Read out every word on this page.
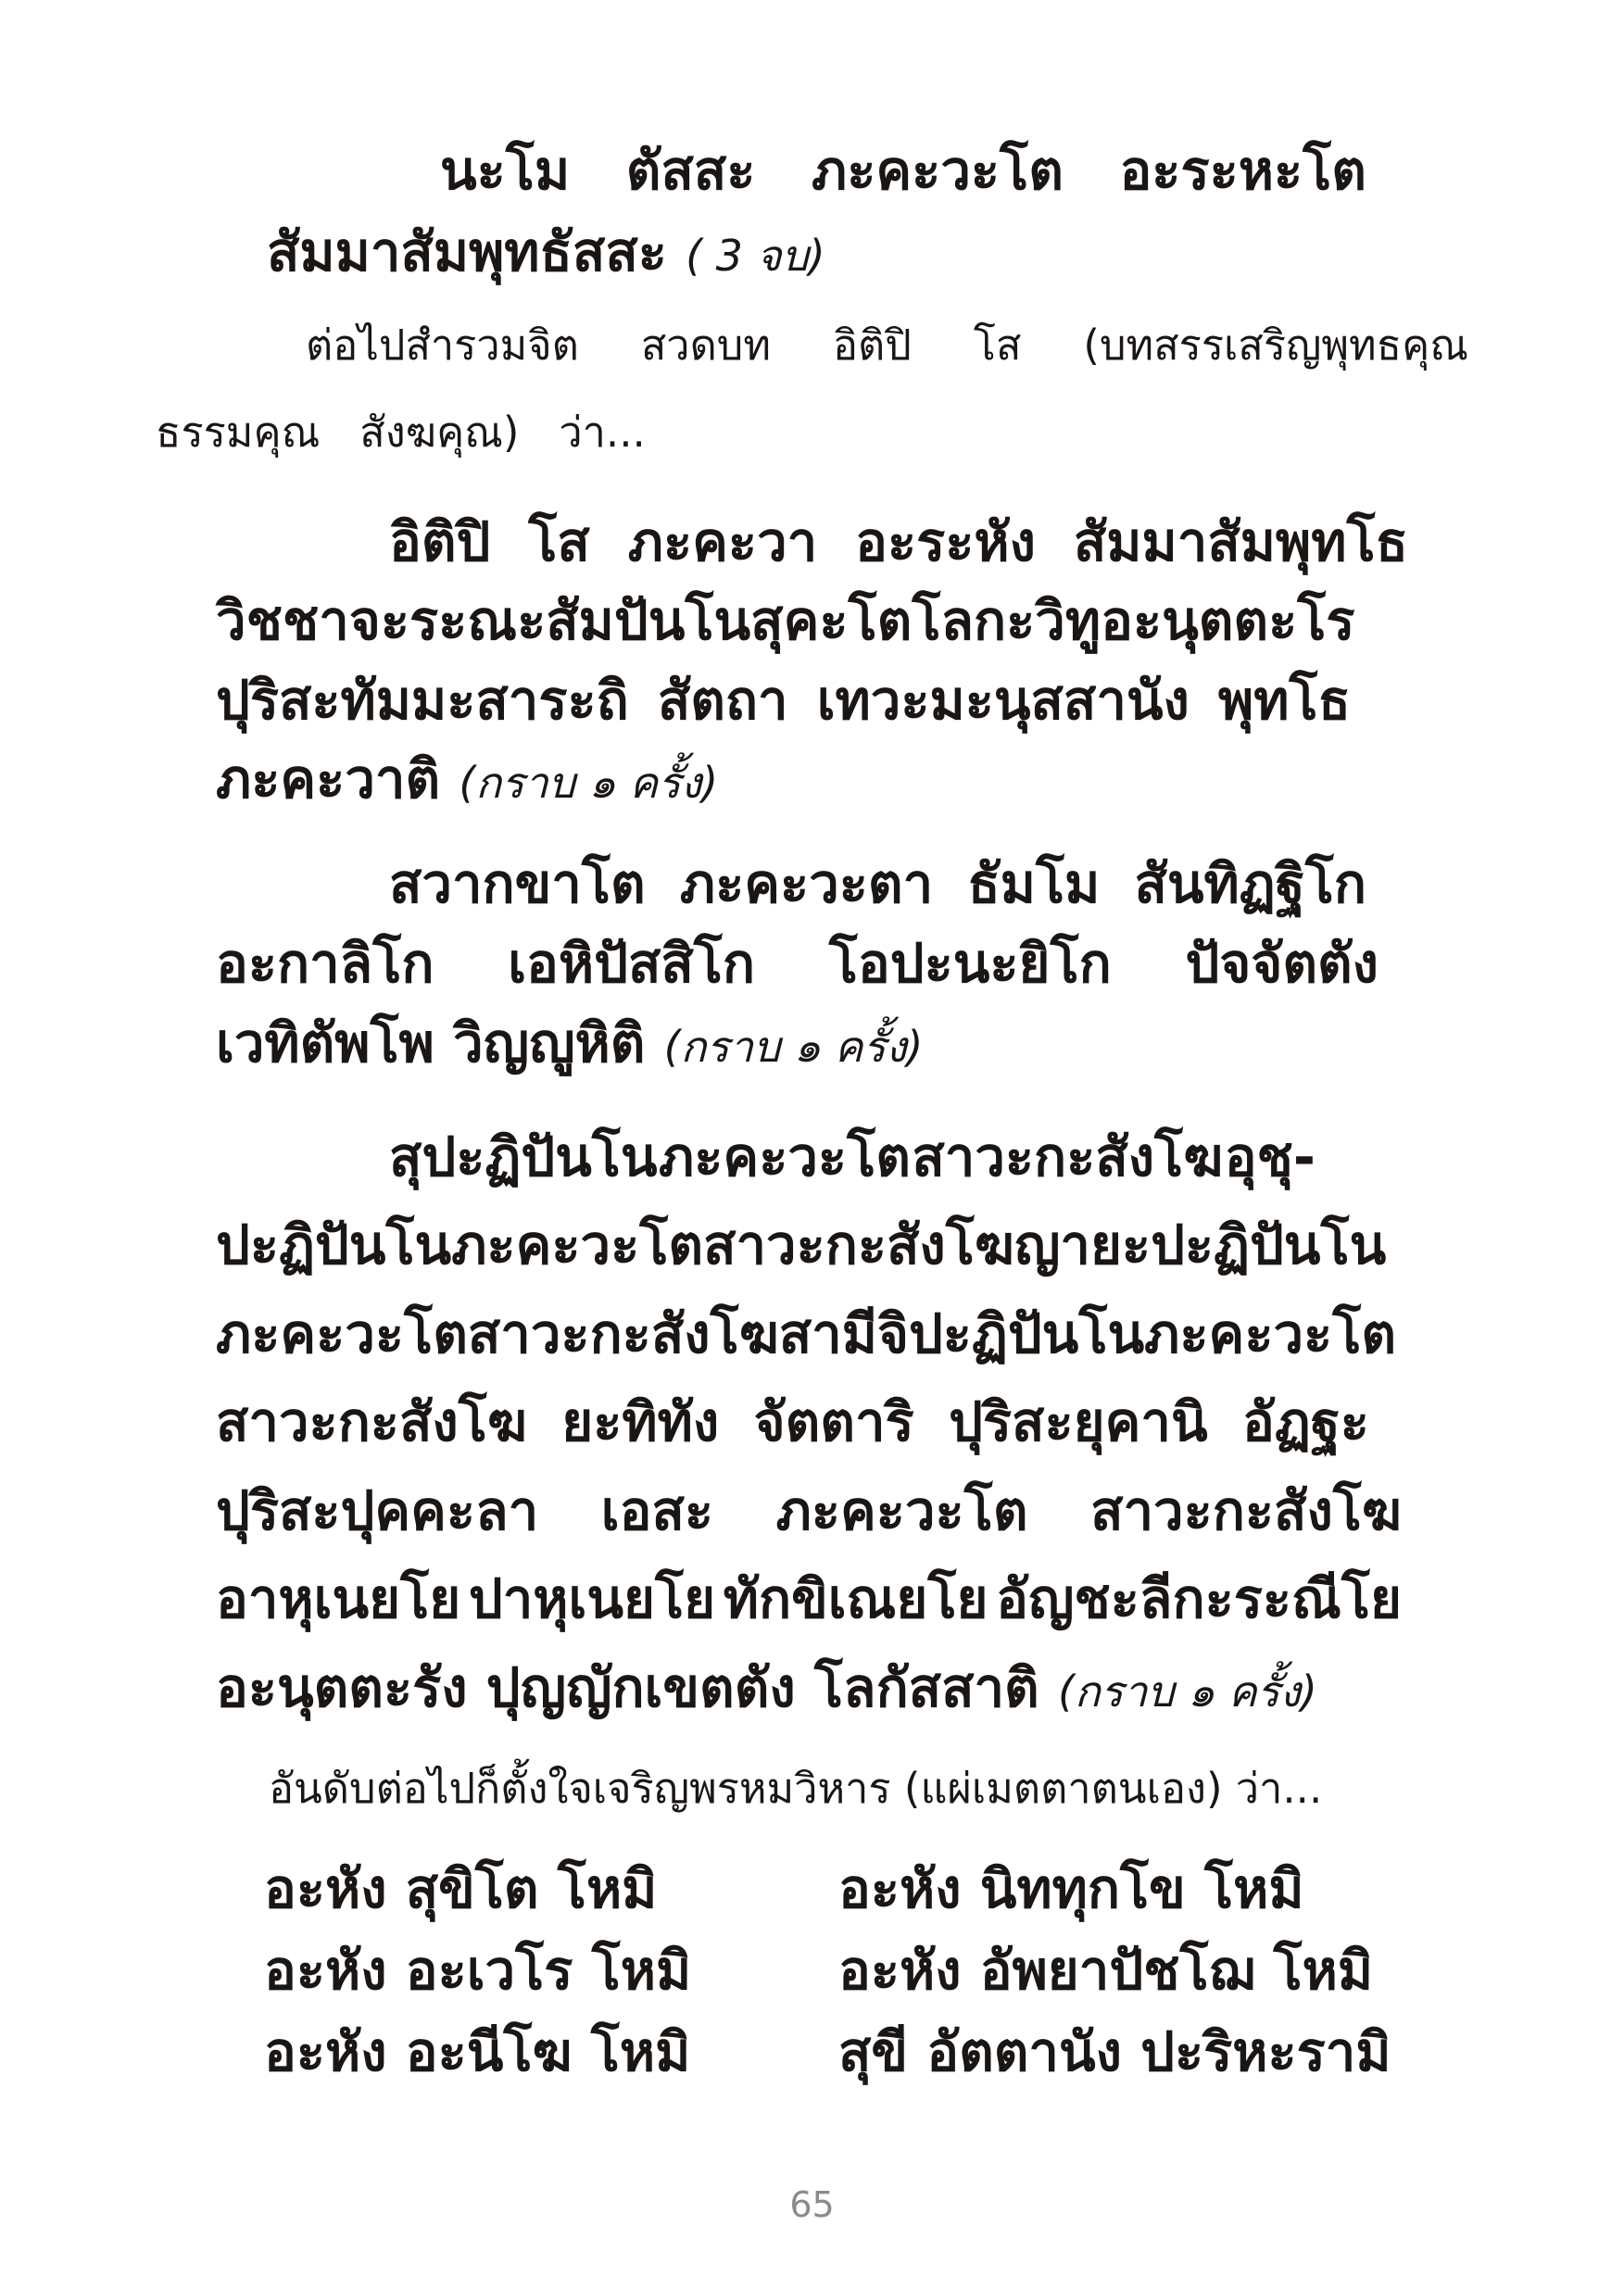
นะโม ตัสสะ ภะคะวะโต อะระหะโต
สัมมาสัมพุทธัสสะ ( 3 จบ)
ต่อไปสำรวมจิต สวดบท อิติปิ โส (บทสรรเสริญพุทธคุณ
ธรรมคุณ   สังฆคุณ)   ว่า...
อิติปิ โส ภะคะวา อะระหัง สัมมาสัมพุทโธ
วิชชาจะระณะสัมปันโน สุคะโต โลกะวิทู อะนุตตะโร
ปุริสะทัมมะสาระถิ สัตถา เทวะมะนุสสานัง พุทโธ
ภะคะวาติ (กราบ ๑ ครั้ง)
สวากขาโต ภะคะวะตา ธัมโม สันทิฏฐิโก
อะกาลิโก เอหิปัสสิโก โอปะนะยิโก ปัจจัตตัง
เวทิตัพโพ วิญญูหิติ (กราบ ๑ ครั้ง)
สุปะฏิปันโน ภะคะวะโต สาวะกะสังโฆ อุชุ-
ปะฏิปันโน ภะคะวะโต สาวะกะสังโฆ ญายะปะฏิปันโน
ภะคะวะโต สาวะกะสังโฆ สามีจิปะฏิปันโน ภะคะวะโต
สาวะกะสังโฆ ยะทิทัง จัตตาริ ปุริสะยุคานิ อัฏฐะ
ปุริสะปุคคะลา เอสะ ภะคะวะโต สาวะกะสังโฆ
อาหุเนยโย ปาหุเนยโย ทักขิเณยโย อัญชะลีกะระณีโย
อะนุตตะรัง ปุญญักเขตตัง โลกัสสาติ (กราบ ๑ ครั้ง)
อันดับต่อไปก็ตั้งใจเจริญพรหมวิหาร (แผ่เมตตาตนเอง) ว่า...
อะหัง สุขิโต โหมิ
อะหัง อะเวโร โหมิ
อะหัง อะนีโฆ โหมิ
อะหัง นิททุกโข โหมิ
อะหัง อัพยาปัชโฌ โหมิ
สุขี อัตตานัง ปะริหะรามิ
65
